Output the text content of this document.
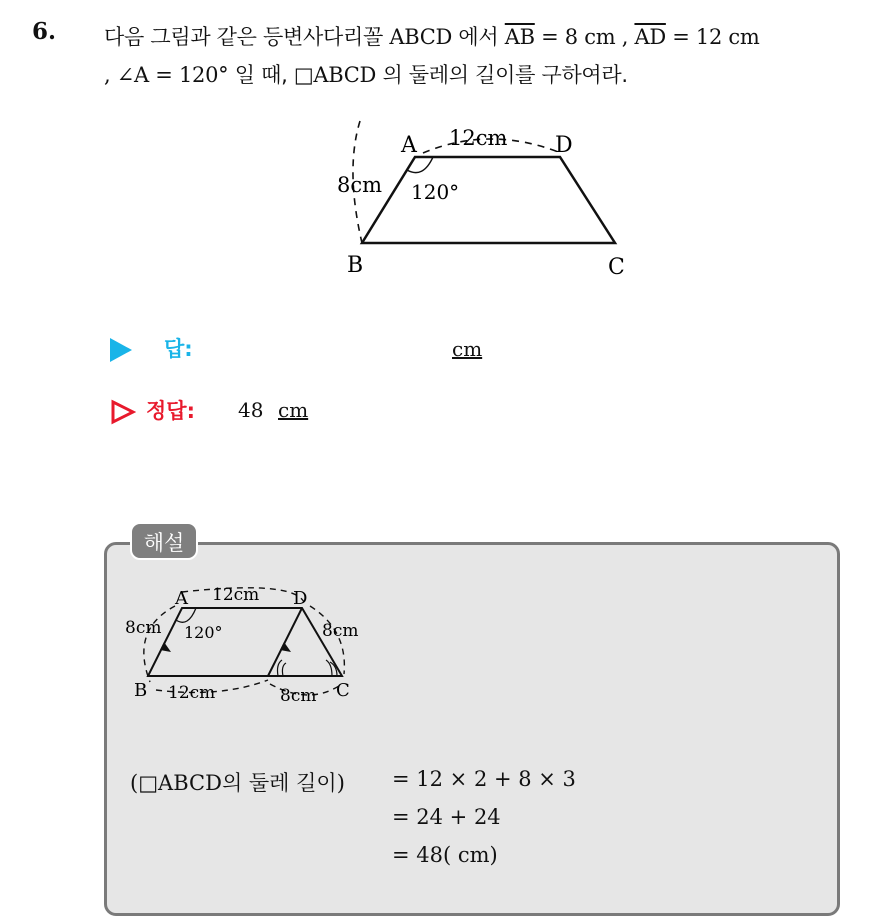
6. 다음 그림과 같은 등변사다리꼴 ABCD 에서 $\overline{AB} = 8$ cm , $\overline{AD} = 12$ cm
, ∠A = 120° 일 때, □ABCD 의 둘레의 길이를 구하여라.
A	D
B	C
12cm
8cm 120°
답:	cm
정답: 48 cm
해설
A	D
B	C
12cm
8cm	8cm
12cm	8cm
120°
(□ABCD의 둘레 길이) = 12 × 2 + 8 × 3
= 24 + 24
= 48( cm)
